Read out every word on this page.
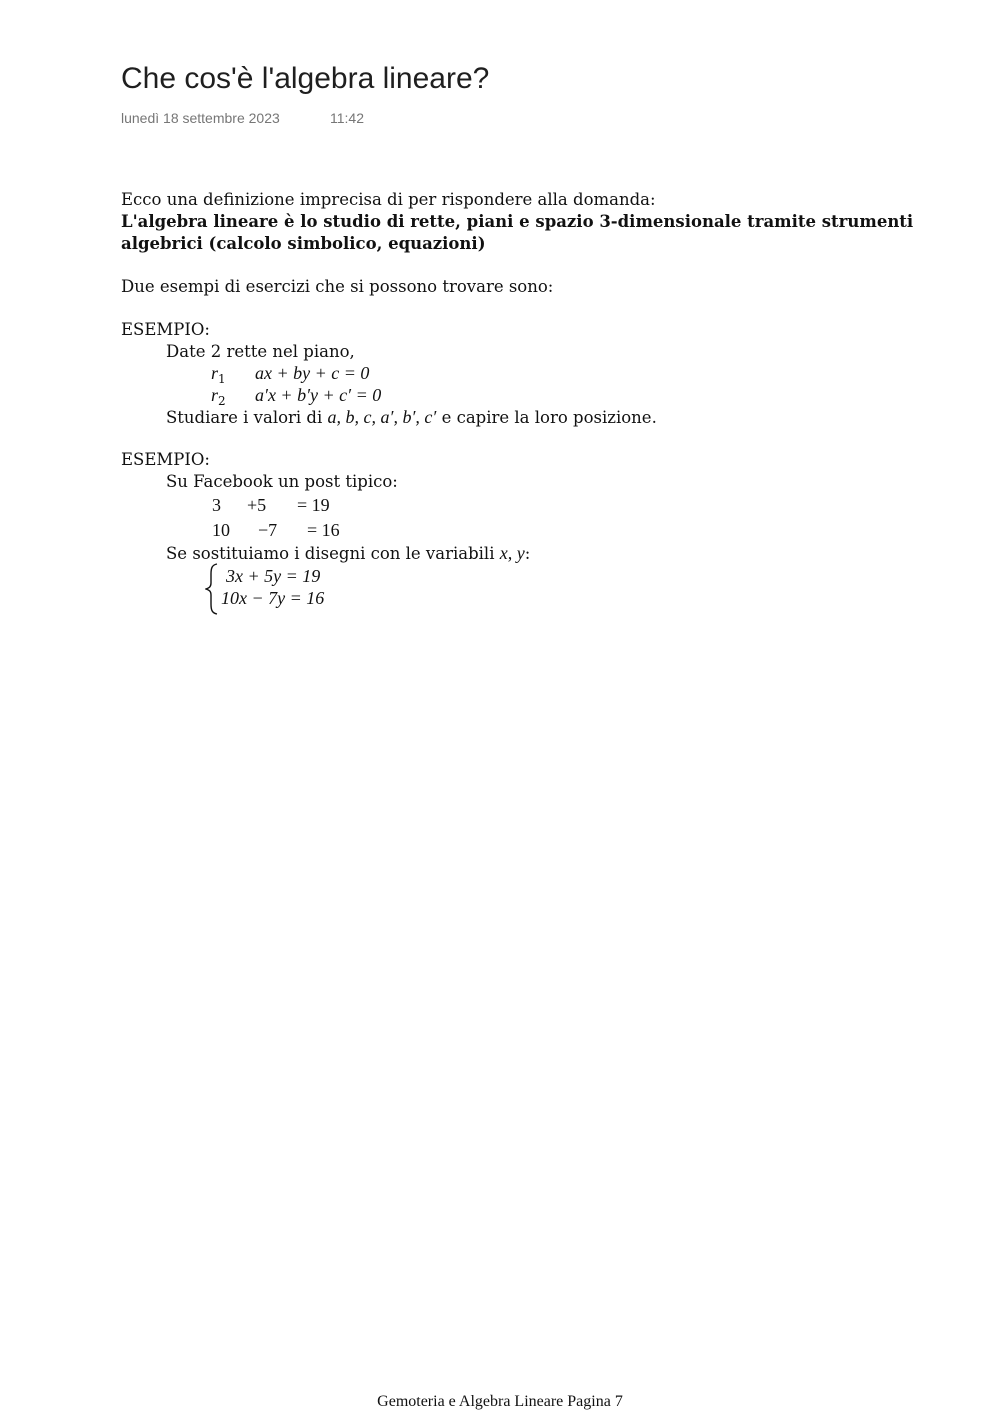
Che cos'è l'algebra lineare?
lunedì 18 settembre 2023	11:42
Ecco una definizione imprecisa di per rispondere alla domanda:
L'algebra lineare è lo studio di rette, piani e spazio 3-dimensionale tramite strumenti
algebrici (calcolo simbolico, equazioni)
Due esempi di esercizi che si possono trovare sono:
ESEMPIO:
Date 2 rette nel piano,
$r_1$ ax + by + c = 0
$r_2$ a′x + b′y + c′ = 0
Studiare i valori di a, b, c, a′, b′, c′ e capire la loro posizione.
ESEMPIO:
Su Facebook un post tipico:
3 +5 = 19
10 −7 = 16
Se sostituiamo i disegni con le variabili x, y:
3x + 5y = 19
10x − 7y = 16
Gemoteria e Algebra Lineare Pagina 7
